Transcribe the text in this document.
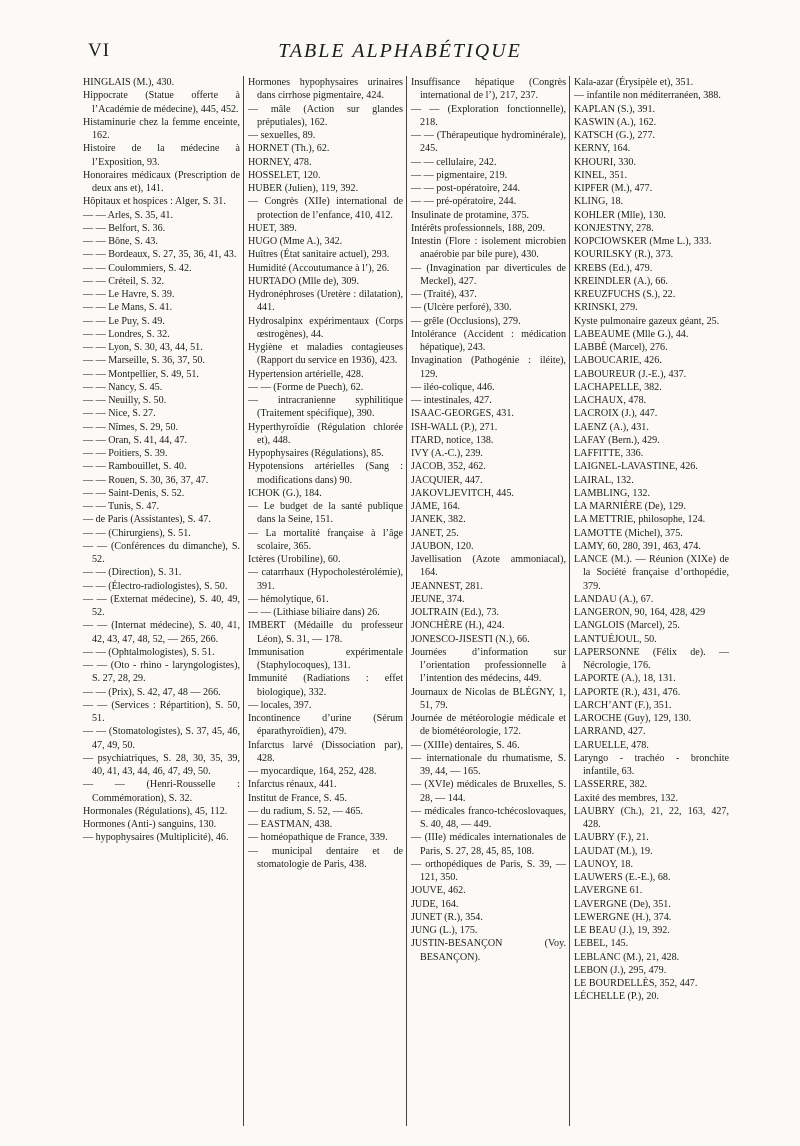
VI	TABLE ALPHABÉTIQUE
HINGLAIS (M.), 430.
Hippocrate (Statue offerte à l’Académie de médecine), 445, 452.
Histaminurie chez la femme enceinte, 162.
Histoire de la médecine à l’Exposition, 93.
Honoraires médicaux (Prescription de deux ans et), 141.
Hôpitaux et hospices : Alger, S. 31.
— — Arles, S. 35, 41.
— — Belfort, S. 36.
— — Bône, S. 43.
— — Bordeaux, S. 27, 35, 36, 41, 43.
— — Coulommiers, S. 42.
— — Créteil, S. 32.
— — Le Havre, S. 39.
— — Le Mans, S. 41.
— — Le Puy, S. 49.
— — Londres, S. 32.
— — Lyon, S. 30, 43, 44, 51.
— — Marseille, S. 36, 37, 50.
— — Montpellier, S. 49, 51.
— — Nancy, S. 45.
— — Neuilly, S. 50.
— — Nice, S. 27.
— — Nîmes, S. 29, 50.
— — Oran, S. 41, 44, 47.
— — Poitiers, S. 39.
— — Rambouillet, S. 40.
— — Rouen, S. 30, 36, 37, 47.
— — Saint-Denis, S. 52.
— — Tunis, S. 47.
— de Paris (Assistantes), S. 47.
— — (Chirurgiens), S. 51.
— — (Conférences du dimanche), S. 52.
— — (Direction), S. 31.
— — (Électro-radiologistes), S. 50.
— — (Externat médecine), S. 40, 49, 52.
— — (Internat médecine), S. 40, 41, 42, 43, 47, 48, 52, — 265, 266.
— — (Ophtalmologistes), S. 51.
— — (Oto - rhino - laryngologistes), S. 27, 28, 29.
— — (Prix), S. 42, 47, 48 — 266.
— — (Services : Répartition), S. 50, 51.
— — (Stomatologistes), S. 37, 45, 46, 47, 49, 50.
— psychiatriques, S. 28, 30, 35, 39, 40, 41, 43, 44, 46, 47, 49, 50.
— — (Henri-Rousselle : Commémoration), S. 32.
Hormonales (Régulations), 45, 112.
Hormones (Anti-) sanguins, 130.
— hypophysaires (Multiplicité), 46.
Hormones hypophysaires urinaires dans cirrhose pigmentaire, 424.
— mâle (Action sur glandes préputiales), 162.
— sexuelles, 89.
HORNET (Th.), 62.
HORNEY, 478.
HOSSELET, 120.
HUBER (Julien), 119, 392.
— Congrès (XIIe) international de protection de l’enfance, 410, 412.
HUET, 389.
HUGO (Mme A.), 342.
Huîtres (État sanitaire actuel), 293.
Humidité (Accoutumance à l’), 26.
HURTADO (Mlle de), 309.
Hydronéphroses (Uretère : dilatation), 441.
Hydrosalpinx expérimentaux (Corps œstrogènes), 44.
Hygiène et maladies contagieuses (Rapport du service en 1936), 423.
Hypertension artérielle, 428.
— — (Forme de Puech), 62.
— intracranienne syphilitique (Traitement spécifique), 390.
Hyperthyroïdie (Régulation chlorée et), 448.
Hypophysaires (Régulations), 85.
Hypotensions artérielles (Sang : modifications dans) 90.
ICHOK (G.), 184.
— Le budget de la santé publique dans la Seine, 151.
— La mortalité française à l’âge scolaire, 365.
Ictères (Urobiline), 60.
— catarrhaux (Hypocholestérolémie), 391.
— hémolytique, 61.
— — (Lithiase biliaire dans) 26.
IMBERT (Médaille du professeur Léon), S. 31, — 178.
Immunisation expérimentale (Staphylocoques), 131.
Immunité (Radiations : effet biologique), 332.
— locales, 397.
Incontinence d’urine (Sérum éparathyroïdien), 479.
Infarctus larvé (Dissociation par), 428.
— myocardique, 164, 252, 428.
Infarctus rénaux, 441.
Institut de France, S. 45.
— du radium, S. 52, — 465.
— EASTMAN, 438.
— homéopathique de France, 339.
— municipal dentaire et de stomatologie de Paris, 438.
Insuffisance hépatique (Congrès international de l’), 217, 237.
— — (Exploration fonctionnelle), 218.
— — (Thérapeutique hydrominérale), 245.
— — cellulaire, 242.
— — pigmentaire, 219.
— — post-opératoire, 244.
— — pré-opératoire, 244.
Insulinate de protamine, 375.
Intérêts professionnels, 188, 209.
Intestin (Flore : isolement microbien anaérobie par bile pure), 430.
— (Invagination par diverticules de Meckel), 427.
— (Traité), 437.
— (Ulcère perforé), 330.
— grêle (Occlusions), 279.
Intolérance (Accident : médication hépatique), 243.
Invagination (Pathogénie : iléite), 129.
— iléo-colique, 446.
— intestinales, 427.
ISAAC-GEORGES, 431.
ISH-WALL (P.), 271.
ITARD, notice, 138.
IVY (A.-C.), 239.
JACOB, 352, 462.
JACQUIER, 447.
JAKOVLJEVITCH, 445.
JAME, 164.
JANEK, 382.
JANET, 25.
JAUBON, 120.
Javellisation (Azote ammoniacal), 164.
JEANNEST, 281.
JEUNE, 374.
JOLTRAIN (Ed.), 73.
JONCHÈRE (H.), 424.
JONESCO-JISESTI (N.), 66.
Journées d’information sur l’orientation professionnelle à l’intention des médecins, 449.
Journaux de Nicolas de BLÉGNY, 1, 51, 79.
Journée de météorologie médicale et de biométéorologie, 172.
— (XIIIe) dentaires, S. 46.
— internationale du rhumatisme, S. 39, 44, — 165.
— (XVIe) médicales de Bruxelles, S. 28, — 144.
— médicales franco-tchécoslovaques, S. 40, 48, — 449.
— (IIIe) médicales internationales de Paris, S. 27, 28, 45, 85, 108.
— orthopédiques de Paris, S. 39, — 121, 350.
JOUVE, 462.
JUDE, 164.
JUNET (R.), 354.
JUNG (L.), 175.
JUSTIN-BESANÇON (Voy. BESANÇON).
Kala-azar (Érysipèle et), 351.
— infantile non méditerranéen, 388.
KAPLAN (S.), 391.
KASWIN (A.), 162.
KATSCH (G.), 277.
KERNY, 164.
KHOURI, 330.
KINEL, 351.
KIPFER (M.), 477.
KLING, 18.
KOHLER (Mlle), 130.
KONJESTNY, 278.
KOPCIOWSKER (Mme L.), 333.
KOURILSKY (R.), 373.
KREBS (Ed.), 479.
KREINDLER (A.), 66.
KREUZFUCHS (S.), 22.
KRINSKI, 279.
Kyste pulmonaire gazeux géant, 25.
LABEAUME (Mlle G.), 44.
LABBÉ (Marcel), 276.
LABOUCARIE, 426.
LABOUREUR (J.-E.), 437.
LACHAPELLE, 382.
LACHAUX, 478.
LACROIX (J.), 447.
LAENZ (A.), 431.
LAFAY (Bern.), 429.
LAFFITTE, 336.
LAIGNEL-LAVASTINE, 426.
LAIRAL, 132.
LAMBLING, 132.
LA MARNIÈRE (De), 129.
LA METTRIE, philosophe, 124.
LAMOTTE (Michel), 375.
LAMY, 60, 280, 391, 463, 474.
LANCE (M.). — Réunion (XIXe) de la Société française d’orthopédie, 379.
LANDAU (A.), 67.
LANGERON, 90, 164, 428, 429
LANGLOIS (Marcel), 25.
LANTUÉJOUL, 50.
LAPERSONNE (Félix de). — Nécrologie, 176.
LAPORTE (A.), 18, 131.
LAPORTE (R.), 431, 476.
LARCH’ANT (F.), 351.
LAROCHE (Guy), 129, 130.
LARRAND, 427.
LARUELLE, 478.
Laryngo - trachéo - bronchite infantile, 63.
LASSERRE, 382.
Laxité des membres, 132.
LAUBRY (Ch.), 21, 22, 163, 427, 428.
LAUBRY (F.), 21.
LAUDAT (M.), 19.
LAUNOY, 18.
LAUWERS (E.-E.), 68.
LAVERGNE 61.
LAVERGNE (De), 351.
LEWERGNE (H.), 374.
LE BEAU (J.), 19, 392.
LEBEL, 145.
LEBLANC (M.), 21, 428.
LEBON (J.), 295, 479.
LE BOURDELLÈS, 352, 447.
LÉCHELLE (P.), 20.
